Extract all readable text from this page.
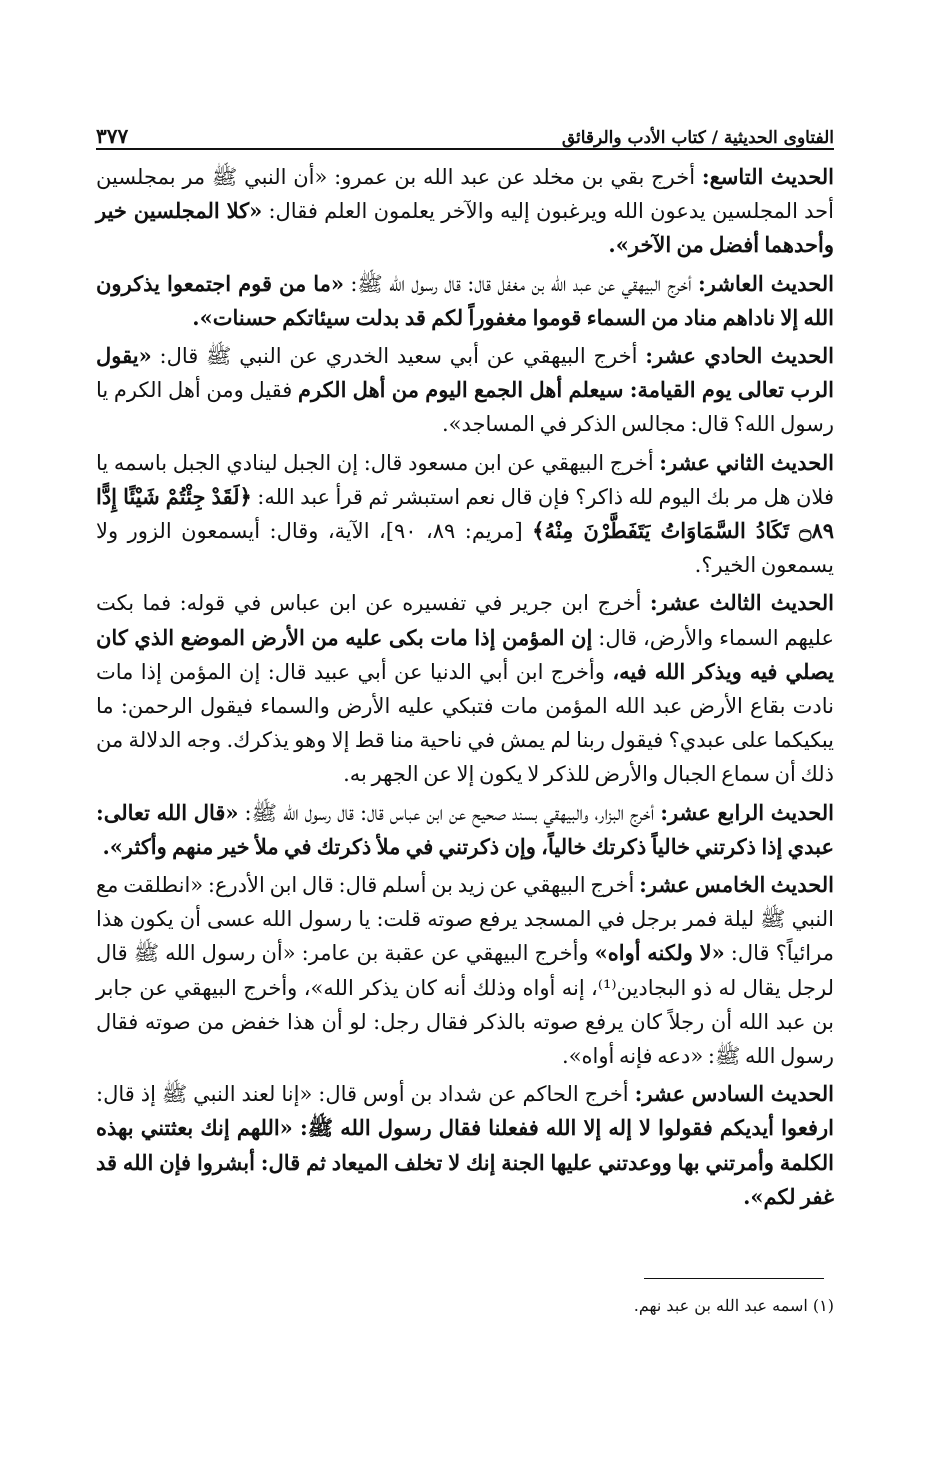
الفتاوى الحديثية / كتاب الأدب والرقائق
٣٧٧

الحديث التاسع: أخرج بقي بن مخلد عن عبد الله بن عمرو: «أن النبي ﷺ مر بمجلسين أحد المجلسين يدعون الله ويرغبون إليه والآخر يعلمون العلم فقال: «كلا المجلسين خير وأحدهما أفضل من الآخر».

الحديث العاشر: أخرج البيهقي عن عبد الله بن مغفل قال: قال رسول الله ﷺ: «ما من قوم اجتمعوا يذكرون الله إلا ناداهم مناد من السماء قوموا مغفوراً لكم قد بدلت سيئاتكم حسنات».

الحديث الحادي عشر: أخرج البيهقي عن أبي سعيد الخدري عن النبي ﷺ قال: «يقول الرب تعالى يوم القيامة: سيعلم أهل الجمع اليوم من أهل الكرم فقيل ومن أهل الكرم يا رسول الله؟ قال: مجالس الذكر في المساجد».

الحديث الثاني عشر: أخرج البيهقي عن ابن مسعود قال: إن الجبل لينادي الجبل باسمه يا فلان هل مر بك اليوم لله ذاكر؟ فإن قال نعم استبشر ثم قرأ عبد الله: ﴿لَقَدْ جِئْتُمْ شَيْئًا إِدًّا ۝٨٩ تَكَادُ السَّمَاوَاتُ يَتَفَطَّرْنَ مِنْهُ﴾ [مريم: ٨٩، ٩٠]، الآية، وقال: أيسمعون الزور ولا يسمعون الخير؟.

الحديث الثالث عشر: أخرج ابن جرير في تفسيره عن ابن عباس في قوله: فما بكت عليهم السماء والأرض، قال: إن المؤمن إذا مات بكى عليه من الأرض الموضع الذي كان يصلي فيه ويذكر الله فيه، وأخرج ابن أبي الدنيا عن أبي عبيد قال: إن المؤمن إذا مات نادت بقاع الأرض عبد الله المؤمن مات فتبكي عليه الأرض والسماء فيقول الرحمن: ما يبكيكما على عبدي؟ فيقول ربنا لم يمش في ناحية منا قط إلا وهو يذكرك. وجه الدلالة من ذلك أن سماع الجبال والأرض للذكر لا يكون إلا عن الجهر به.

الحديث الرابع عشر: أخرج البزار، والبيهقي بسند صحيح عن ابن عباس قال: قال رسول الله ﷺ: «قال الله تعالى: عبدي إذا ذكرتني خالياً ذكرتك خالياً، وإن ذكرتني في ملأ ذكرتك في ملأ خير منهم وأكثر».

الحديث الخامس عشر: أخرج البيهقي عن زيد بن أسلم قال: قال ابن الأدرع: «انطلقت مع النبي ﷺ ليلة فمر برجل في المسجد يرفع صوته قلت: يا رسول الله عسى أن يكون هذا مرائياً؟ قال: «لا ولكنه أواه» وأخرج البيهقي عن عقبة بن عامر: «أن رسول الله ﷺ قال لرجل يقال له ذو البجادين⁽¹⁾، إنه أواه وذلك أنه كان يذكر الله»، وأخرج البيهقي عن جابر بن عبد الله أن رجلاً كان يرفع صوته بالذكر فقال رجل: لو أن هذا خفض من صوته فقال رسول الله ﷺ: «دعه فإنه أواه».

الحديث السادس عشر: أخرج الحاكم عن شداد بن أوس قال: «إنا لعند النبي ﷺ إذ قال: ارفعوا أيديكم فقولوا لا إله إلا الله ففعلنا فقال رسول الله ﷺ: «اللهم إنك بعثتني بهذه الكلمة وأمرتني بها ووعدتني عليها الجنة إنك لا تخلف الميعاد ثم قال: أبشروا فإن الله قد غفر لكم».

(١) اسمه عبد الله بن عبد نهم.
